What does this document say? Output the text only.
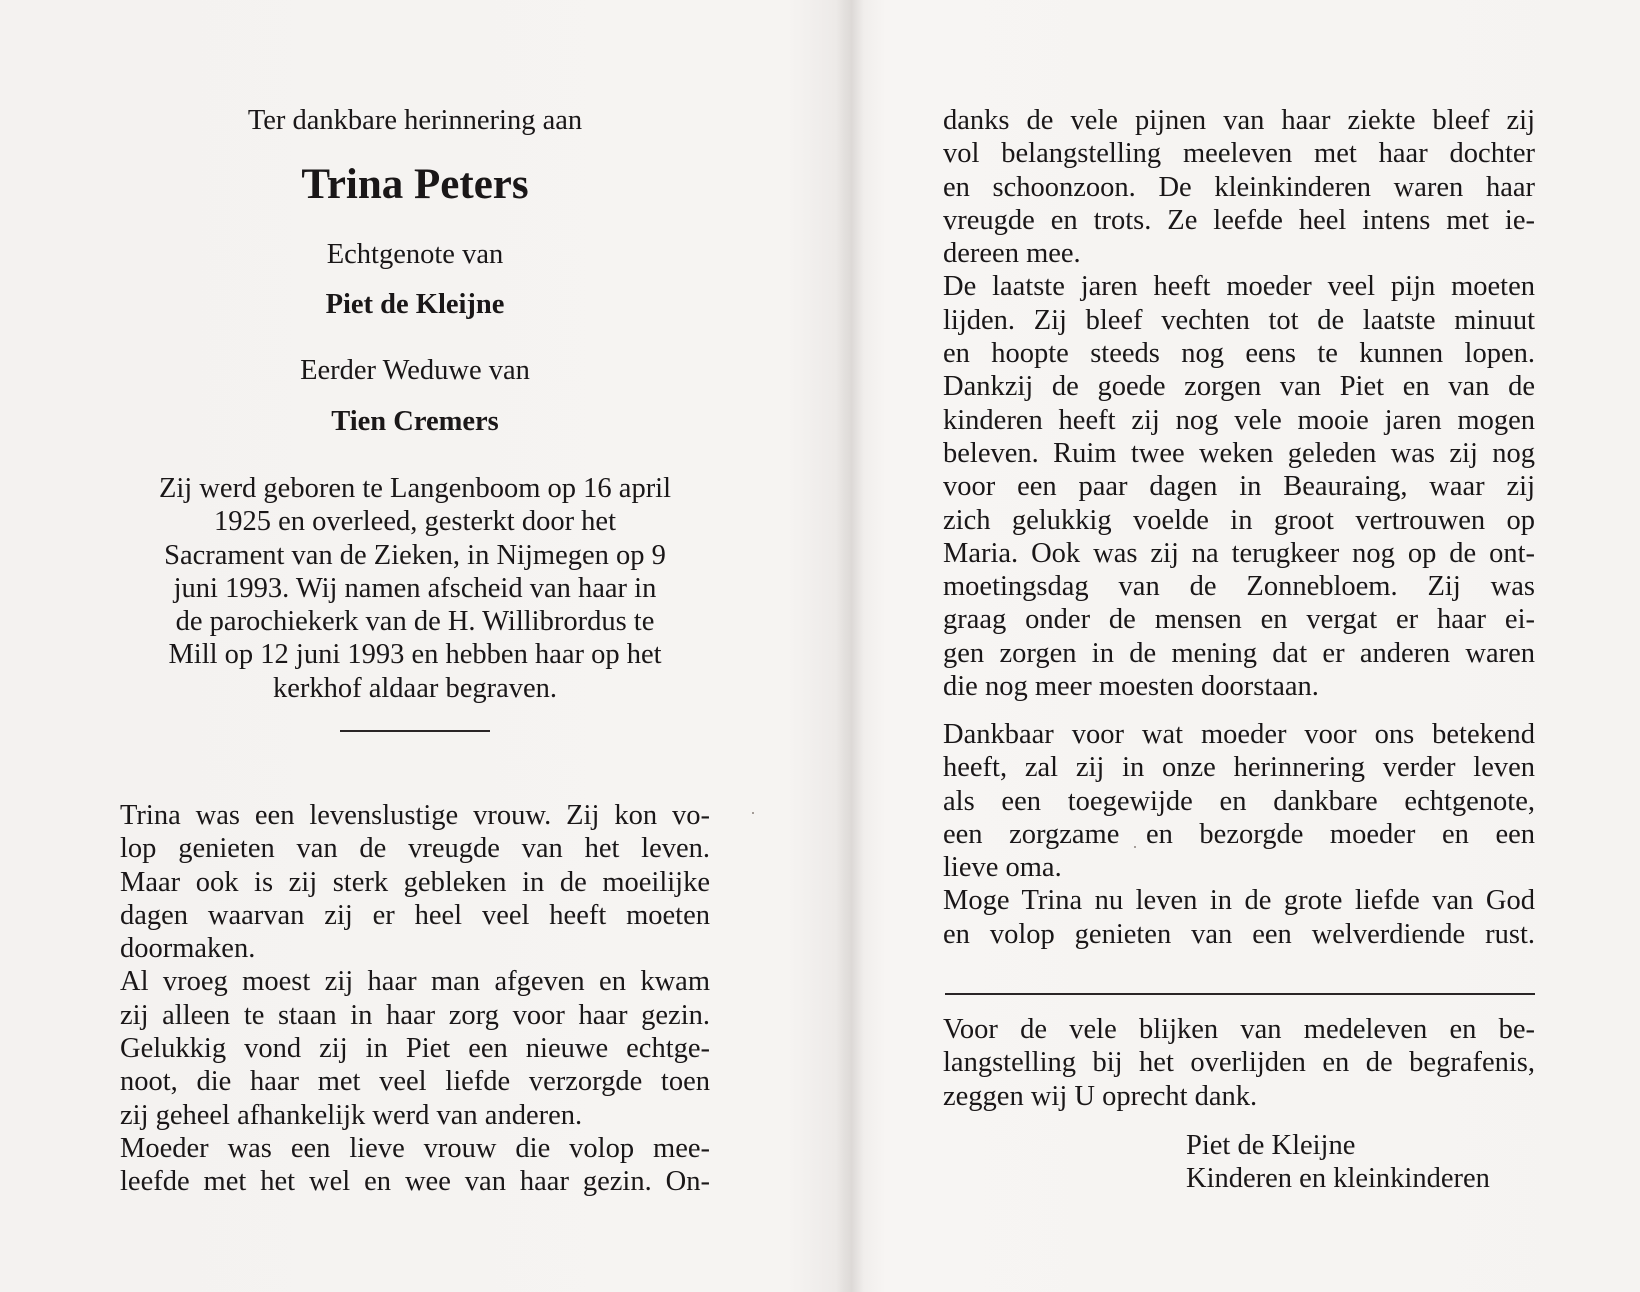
Ter dankbare herinnering aan
Trina Peters
Echtgenote van
Piet de Kleijne
Eerder Weduwe van
Tien Cremers
Zij werd geboren te Langenboom op 16 april
1925 en overleed, gesterkt door het
Sacrament van de Zieken, in Nijmegen op 9
juni 1993. Wij namen afscheid van haar in
de parochiekerk van de H. Willibrordus te
Mill op 12 juni 1993 en hebben haar op het
kerkhof aldaar begraven.
Trina was een levenslustige vrouw. Zij kon vo-
lop genieten van de vreugde van het leven.
Maar ook is zij sterk gebleken in de moeilijke
dagen waarvan zij er heel veel heeft moeten
doormaken.
Al vroeg moest zij haar man afgeven en kwam
zij alleen te staan in haar zorg voor haar gezin.
Gelukkig vond zij in Piet een nieuwe echtge-
noot, die haar met veel liefde verzorgde toen
zij geheel afhankelijk werd van anderen.
Moeder was een lieve vrouw die volop mee-
leefde met het wel en wee van haar gezin. On-
danks de vele pijnen van haar ziekte bleef zij
vol belangstelling meeleven met haar dochter
en schoonzoon. De kleinkinderen waren haar
vreugde en trots. Ze leefde heel intens met ie-
dereen mee.
De laatste jaren heeft moeder veel pijn moeten
lijden. Zij bleef vechten tot de laatste minuut
en hoopte steeds nog eens te kunnen lopen.
Dankzij de goede zorgen van Piet en van de
kinderen heeft zij nog vele mooie jaren mogen
beleven. Ruim twee weken geleden was zij nog
voor een paar dagen in Beauraing, waar zij
zich gelukkig voelde in groot vertrouwen op
Maria. Ook was zij na terugkeer nog op de ont-
moetingsdag van de Zonnebloem. Zij was
graag onder de mensen en vergat er haar ei-
gen zorgen in de mening dat er anderen waren
die nog meer moesten doorstaan.
Dankbaar voor wat moeder voor ons betekend
heeft, zal zij in onze herinnering verder leven
als een toegewijde en dankbare echtgenote,
een zorgzame en bezorgde moeder en een
lieve oma.
Moge Trina nu leven in de grote liefde van God
en volop genieten van een welverdiende rust.
Voor de vele blijken van medeleven en be-
langstelling bij het overlijden en de begrafenis,
zeggen wij U oprecht dank.
Piet de Kleijne
Kinderen en kleinkinderen
